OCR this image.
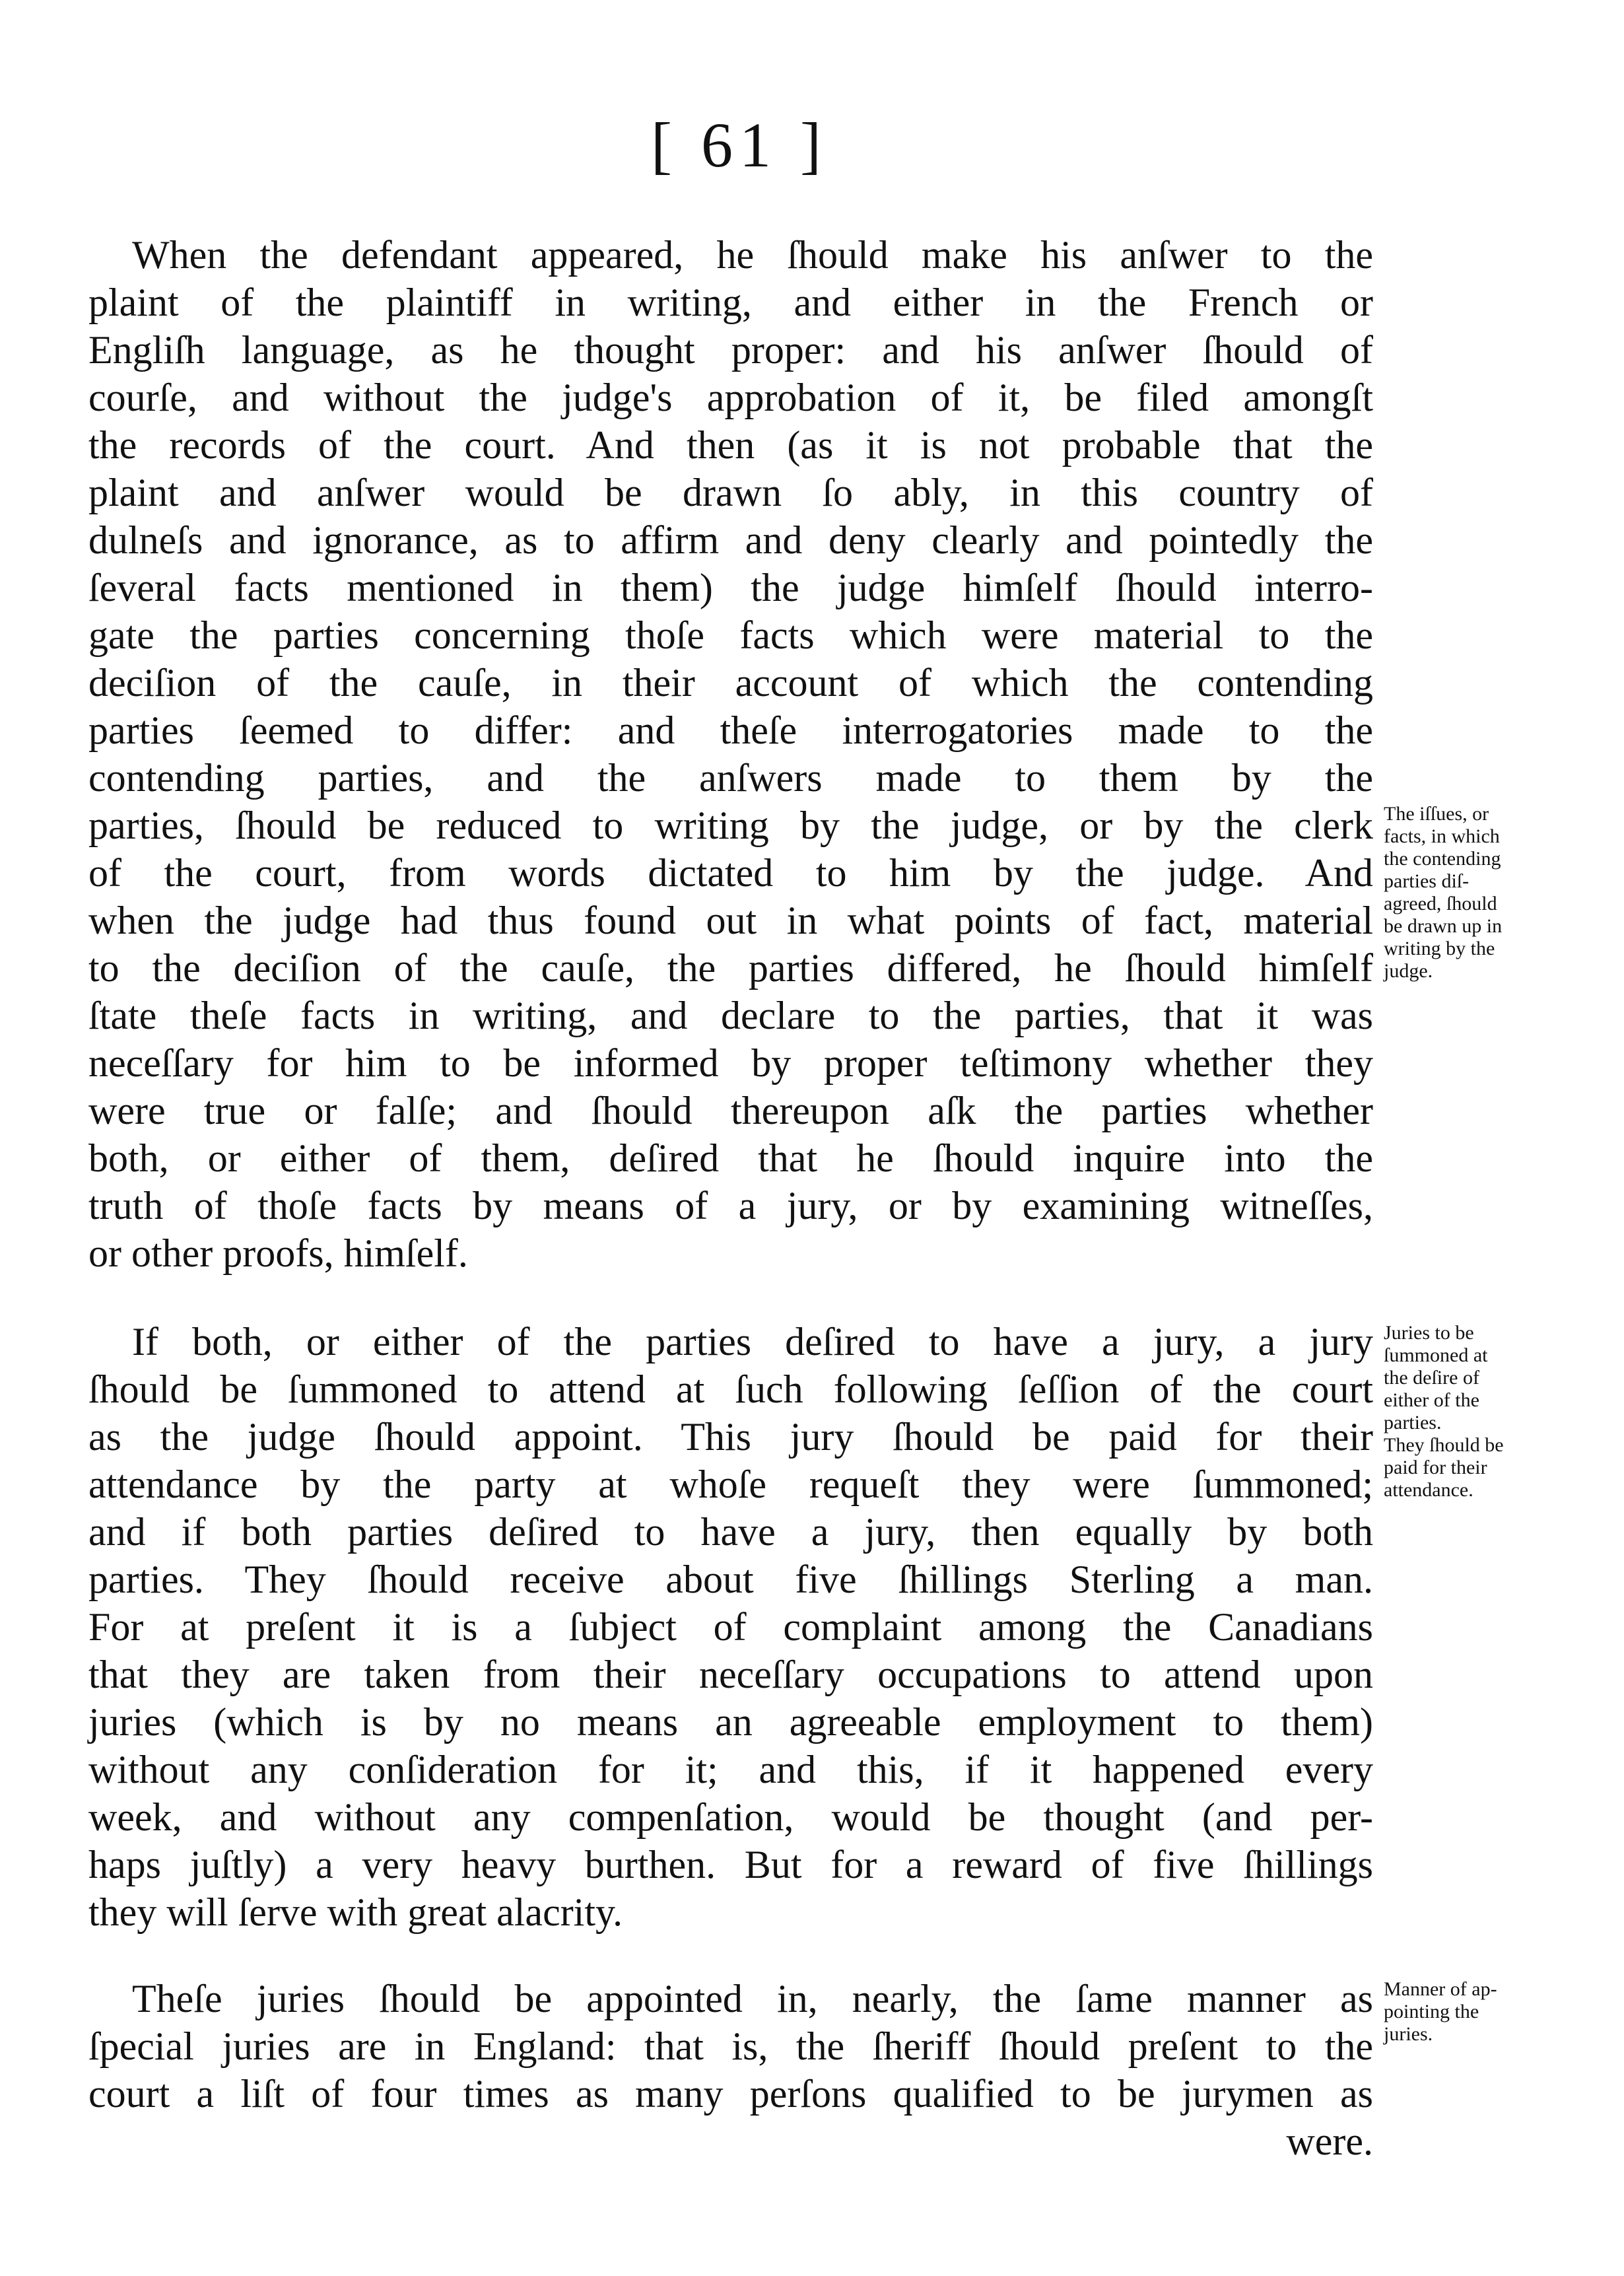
[ 61 ]
When the defendant appeared, he ſhould make his anſwer to the
plaint of the plaintiff in writing, and either in the French or
Engliſh language, as he thought proper: and his anſwer ſhould of
courſe, and without the judge's approbation of it, be filed amongſt
the records of the court. And then (as it is not probable that the
plaint and anſwer would be drawn ſo ably, in this country of
dulneſs and ignorance, as to affirm and deny clearly and pointedly the
ſeveral facts mentioned in them) the judge himſelf ſhould interro-
gate the parties concerning thoſe facts which were material to the
deciſion of the cauſe, in their account of which the contending
parties ſeemed to differ: and theſe interrogatories made to the
contending parties, and the anſwers made to them by the
parties, ſhould be reduced to writing by the judge, or by the clerk
of the court, from words dictated to him by the judge. And
when the judge had thus found out in what points of fact, material
to the deciſion of the cauſe, the parties differed, he ſhould himſelf
ſtate theſe facts in writing, and declare to the parties, that it was
neceſſary for him to be informed by proper teſtimony whether they
were true or falſe; and ſhould thereupon aſk the parties whether
both, or either of them, deſired that he ſhould inquire into the
truth of thoſe facts by means of a jury, or by examining witneſſes,
or other proofs, himſelf.
If both, or either of the parties deſired to have a jury, a jury
ſhould be ſummoned to attend at ſuch following ſeſſion of the court
as the judge ſhould appoint. This jury ſhould be paid for their
attendance by the party at whoſe requeſt they were ſummoned;
and if both parties deſired to have a jury, then equally by both
parties. They ſhould receive about five ſhillings Sterling a man.
For at preſent it is a ſubject of complaint among the Canadians
that they are taken from their neceſſary occupations to attend upon
juries (which is by no means an agreeable employment to them)
without any conſideration for it; and this, if it happened every
week, and without any compenſation, would be thought (and per-
haps juſtly) a very heavy burthen. But for a reward of five ſhillings
they will ſerve with great alacrity.
Theſe juries ſhould be appointed in, nearly, the ſame manner as
ſpecial juries are in England: that is, the ſheriff ſhould preſent to the
court a liſt of four times as many perſons qualified to be jurymen as
were.
The iſſues, or
facts, in which
the contending
parties diſ-
agreed, ſhould
be drawn up in
writing by the
judge.
Juries to be
ſummoned at
the deſire of
either of the
parties.
They ſhould be
paid for their
attendance.
Manner of ap-
pointing the
juries.
